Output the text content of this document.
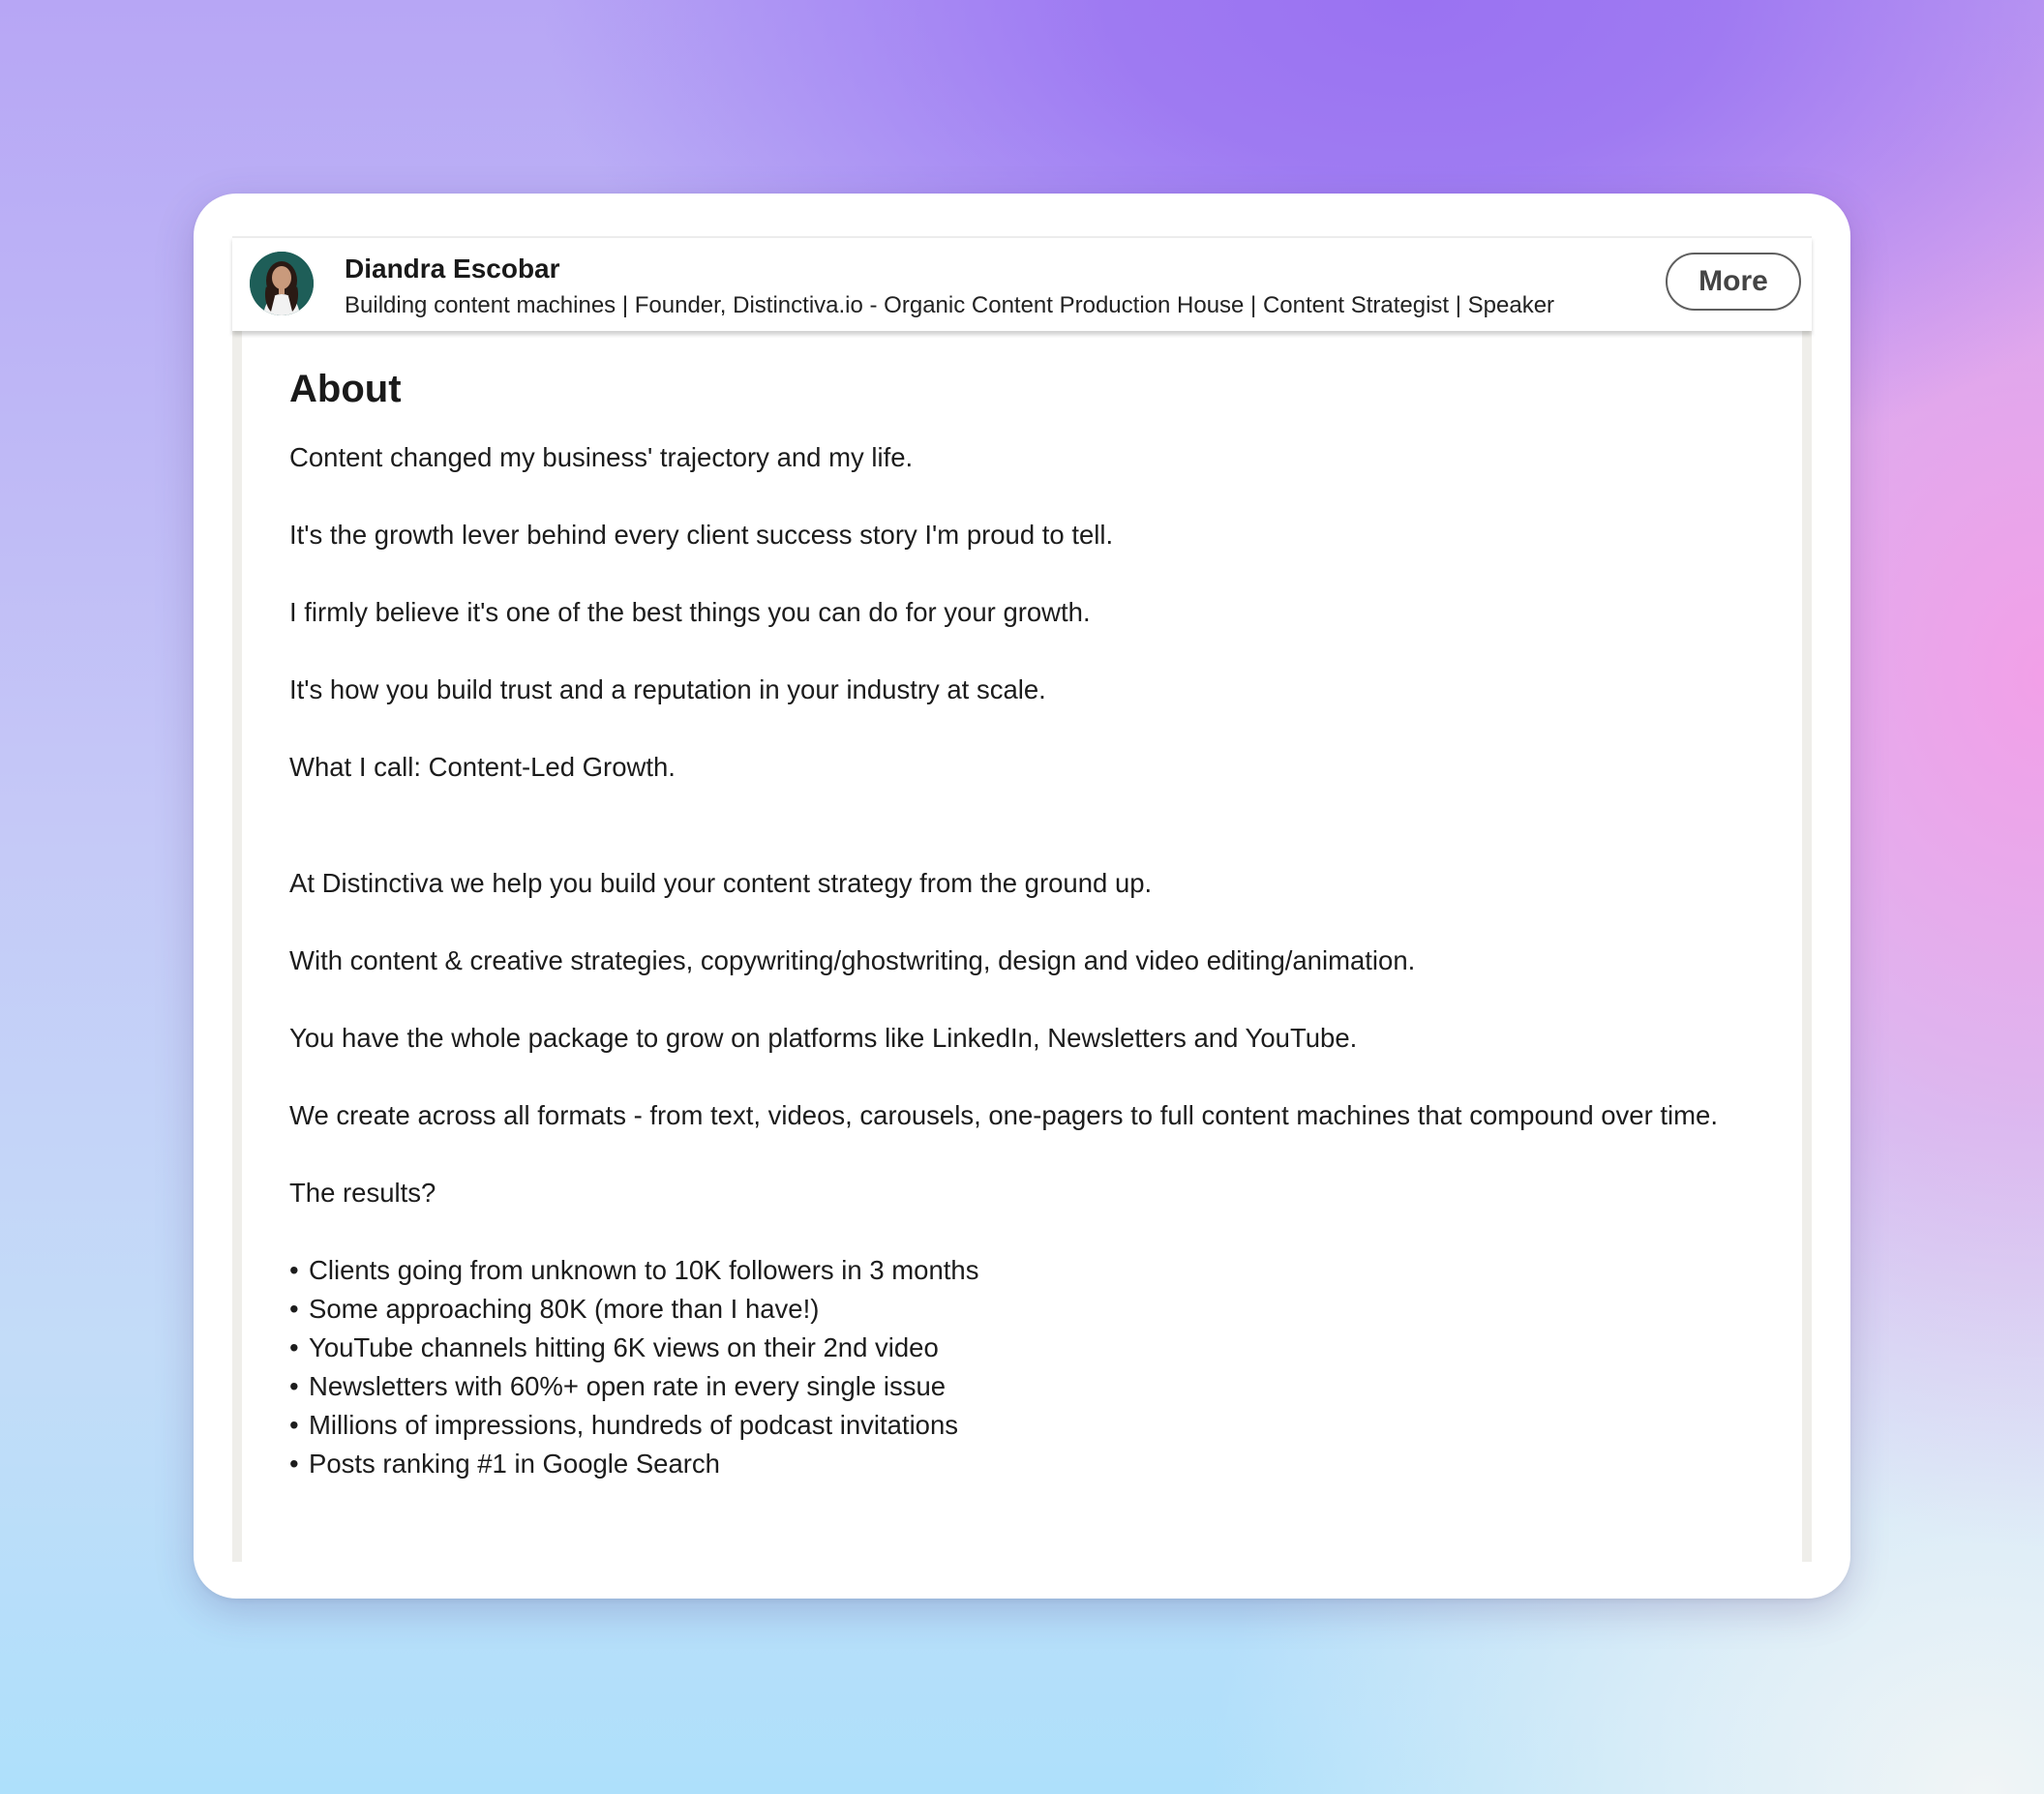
Diandra Escobar
Building content machines | Founder, Distinctiva.io - Organic Content Production House | Content Strategist | Speaker
More
About

Content changed my business' trajectory and my life.

It's the growth lever behind every client success story I'm proud to tell.

I firmly believe it's one of the best things you can do for your growth.

It's how you build trust and a reputation in your industry at scale.

What I call: Content-Led Growth.

At Distinctiva we help you build your content strategy from the ground up.

With content & creative strategies, copywriting/ghostwriting, design and video editing/animation.

You have the whole package to grow on platforms like LinkedIn, Newsletters and YouTube.

We create across all formats - from text, videos, carousels, one-pagers to full content machines that compound over time.

The results?

• Clients going from unknown to 10K followers in 3 months
• Some approaching 80K (more than I have!)
• YouTube channels hitting 6K views on their 2nd video
• Newsletters with 60%+ open rate in every single issue
• Millions of impressions, hundreds of podcast invitations
• Posts ranking #1 in Google Search
